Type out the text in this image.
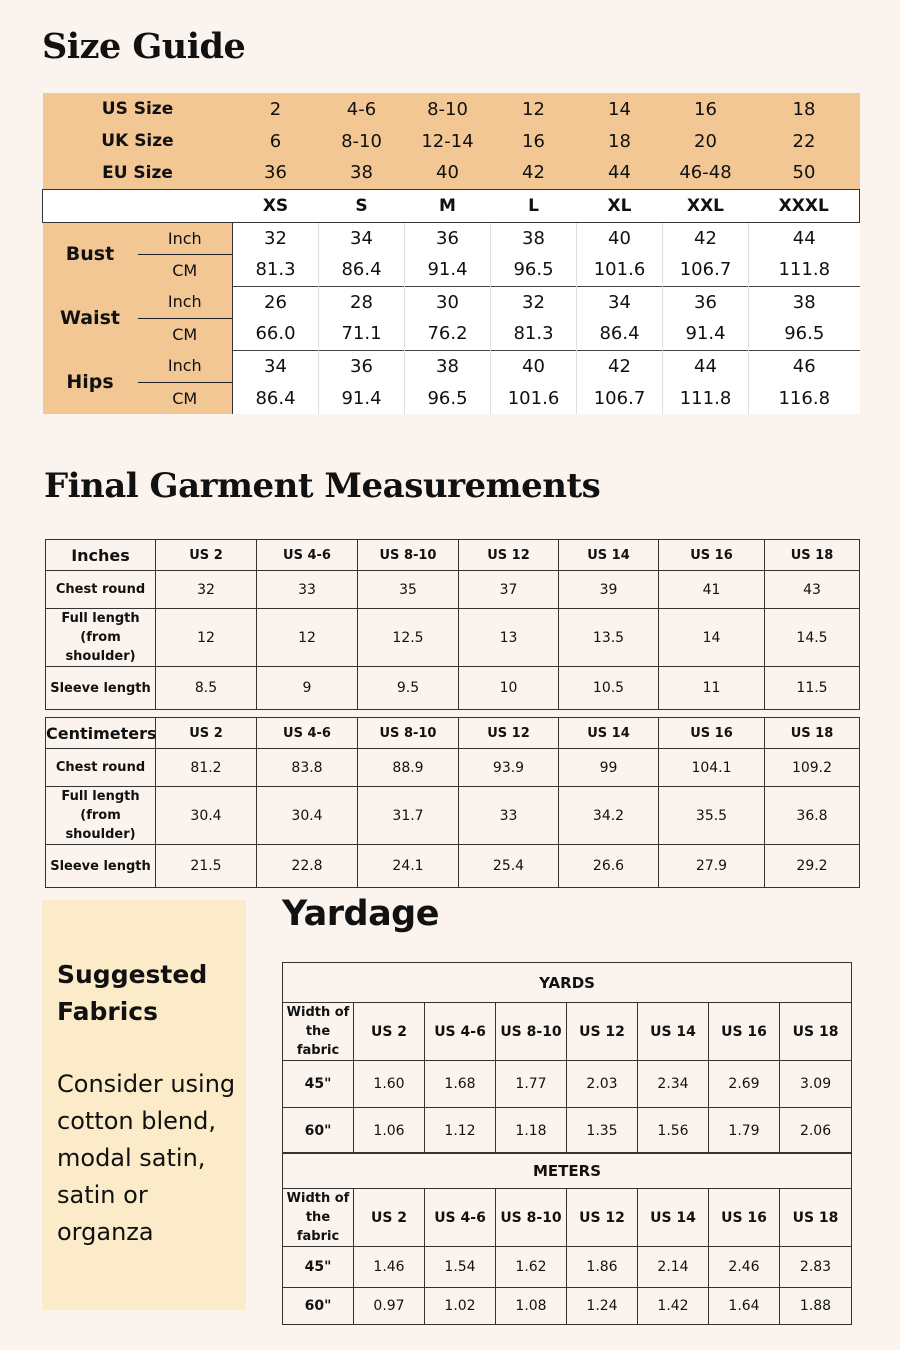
Size Guide
US Size		2	4-6	8-10	12	14	16	18
UK Size		6	8-10	12-14	16	18	20	22
EU Size		36	38	40	42	44	46-48	50
		XS	S	M	L	XL	XXL	XXXL
Bust	Inch	32	34	36	38	40	42	44
	CM	81.3	86.4	91.4	96.5	101.6	106.7	111.8
Waist	Inch	26	28	30	32	34	36	38
	CM	66.0	71.1	76.2	81.3	86.4	91.4	96.5
Hips	Inch	34	36	38	40	42	44	46
	CM	86.4	91.4	96.5	101.6	106.7	111.8	116.8
Final Garment Measurements
Inches	US 2	US 4-6	US 8-10	US 12	US 14	US 16	US 18
Chest round	32	33	35	37	39	41	43
Full length (from shoulder)	12	12	12.5	13	13.5	14	14.5
Sleeve length	8.5	9	9.5	10	10.5	11	11.5
Centimeters	US 2	US 4-6	US 8-10	US 12	US 14	US 16	US 18
Chest round	81.2	83.8	88.9	93.9	99	104.1	109.2
Full length (from shoulder)	30.4	30.4	31.7	33	34.2	35.5	36.8
Sleeve length	21.5	22.8	24.1	25.4	26.6	27.9	29.2
Suggested Fabrics
Consider using cotton blend, modal satin, satin or organza
Yardage
YARDS							
Width of the fabric	US 2	US 4-6	US 8-10	US 12	US 14	US 16	US 18
45"	1.60	1.68	1.77	2.03	2.34	2.69	3.09
60"	1.06	1.12	1.18	1.35	1.56	1.79	2.06
METERS							
Width of the fabric	US 2	US 4-6	US 8-10	US 12	US 14	US 16	US 18
45"	1.46	1.54	1.62	1.86	2.14	2.46	2.83
60"	0.97	1.02	1.08	1.24	1.42	1.64	1.88
